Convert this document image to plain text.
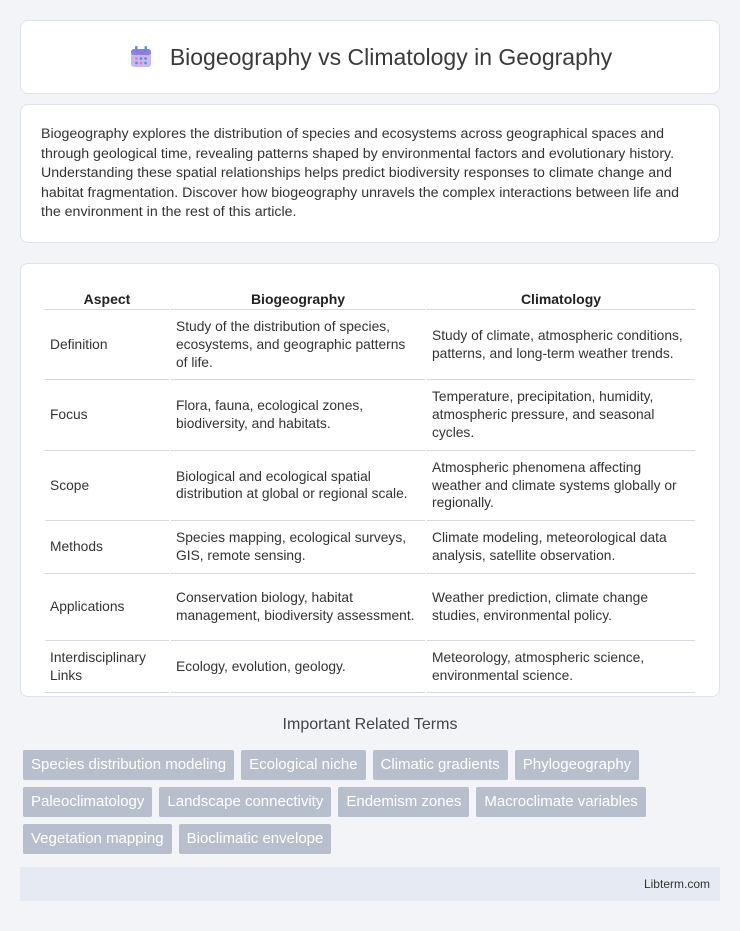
Biogeography vs Climatology in Geography

Biogeography explores the distribution of species and ecosystems across geographical spaces and through geological time, revealing patterns shaped by environmental factors and evolutionary history. Understanding these spatial relationships helps predict biodiversity responses to climate change and habitat fragmentation. Discover how biogeography unravels the complex interactions between life and the environment in the rest of this article.

Aspect	Biogeography	Climatology
Definition	Study of the distribution of species, ecosystems, and geographic patterns of life.	Study of climate, atmospheric conditions, patterns, and long-term weather trends.
Focus	Flora, fauna, ecological zones, biodiversity, and habitats.	Temperature, precipitation, humidity, atmospheric pressure, and seasonal cycles.
Scope	Biological and ecological spatial distribution at global or regional scale.	Atmospheric phenomena affecting weather and climate systems globally or regionally.
Methods	Species mapping, ecological surveys, GIS, remote sensing.	Climate modeling, meteorological data analysis, satellite observation.
Applications	Conservation biology, habitat management, biodiversity assessment.	Weather prediction, climate change studies, environmental policy.
Interdisciplinary Links	Ecology, evolution, geology.	Meteorology, atmospheric science, environmental science.
Important Related Terms
Species distribution modeling	Ecological niche	Climatic gradients	Phylogeography
Paleoclimatology	Landscape connectivity	Endemism zones	Macroclimate variables
Vegetation mapping	Bioclimatic envelope
Libterm.com
